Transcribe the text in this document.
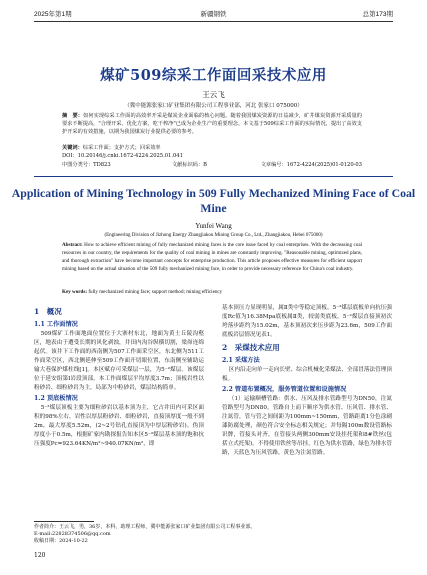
2025年第1期	新疆钢铁	总第173期
煤矿509综采工作面回采技术应用
王云飞
（冀中能源张家口矿业集团有限公司工程事业部，河北 张家口 075000）
摘　要：如何实现综采工作面的高效率开采是煤炭企业面临的核心问题。随着我国煤炭资源的日益减少，矿井煤炭资源开采质量的要求不断提高，"合理开采、优化方案、吃干榨净"已成为企业生产的重要理念。本文基于509综采工作面的实际情况，提出了高效支护开采的有效措施，以期为我国煤炭行业提供必要的参考。
关键词：综采工作面；支护方式；回采效率
DOI：10.20146/j.cnki.1672-4224.2025.01.041
中图分类号：TD823	文献标识码：B	文章编号：1672-4224(2025)01-0120-03
Application of Mining Technology in 509 Fully Mechanized Mining Face of Coal Mine
Yunfei Wang
(Engineering Division of Jizhong Energy Zhangjiakou Mining Group Co., Ltd., Zhangjiakou, Hebei 075000)
Abstract: How to achieve efficient mining of fully mechanized mining faces is the core issue faced by coal enterprises. With the decreasing coal resources in our country, the requirements for the quality of coal mining in mines are constantly improving. "Reasonable mining, optimized plans, and thorough extraction" have become important concepts for enterprise production. This article proposes effective measures for efficient support mining based on the actual situation of the 509 fully mechanized mining face, in order to provide necessary reference for China's coal industry.
Key words: fully mechanized mining face; support method; mining efficiency
1　概况
1.1 工作面情况

509煤矿工作面地面位置位于大寨村东北，地面为黄土丘陵沟壑区，地表由于遭受长期的风化剥蚀，井田内沟谷纵横切割，梁峁连绵起伏。该井下工作面的西南侧为507工作面采空区，东北侧为511工作面采空区，西北侧延伸至509工作面开切眼位置，东南侧至辅助运输大巷保护煤柱线[1]。本区赋存可采煤层一层，为5⁻²煤层。该煤层位于延安组第Ⅰ岩段顶部，本工作面煤层平均厚度3.7m；顶板岩性以粉砂岩、细粒砂岩为主，局部为中粒砂岩，煤层结构简单。

1.2 顶底板情况

5⁻²煤层顶板主要为细粒砂岩以基本顶为主，它占井田内可采区面积的98%左右，岩性以厚层粉砂岩、细粒砂岩，直接顶厚度一般不到2m，最大厚度5.52m，(2~2号钻孔直接顶为中厚层粉砂岩)。伪顶厚度小于0.5m，根据矿家内勘探报告知本区5⁻²煤层基本顶的饱和抗压强度Pc=923.64KN/m²~940.07KN/m²，即

基本顶压力显现明显，属Ⅱ类中等稳定顶板。5⁻²煤层底板单向抗压强度Rc值为16.38Mpa底板属Ⅱ类，较弱类底板。5⁻²煤层直接顶初次垮落步距约为15.02m，基本顶初次来压步距为23.6m，509工作面底板岩层情况见表1。

2　采煤技术应用
2.1 采煤方法

区内沿走向单一走向长壁、综合机械化采煤法、全部冒落法管理顶板。

2.2 管道布置概况，服务管道位置和设施情况

（1）运输顺槽管路：供水、压风及排水管路型号为DN50，注氮管路型号为DN80。管路自上而下顺序为供水管、压风管、排水管、注氮管，管与管之间间距为100mm~150mm，管路距离1分色涂刷漆防腐处理，颜色符合安全标志相关规定；并每隔100m数设管路标识牌，管接头对齐，在管接头两侧300mm安设挂托架和8#铁丝(包括立式托架)，不得使用铁丝等吊挂，红色为供水管路，绿色为排水管路，天蓝色为压风管路，黄色为注氮管路。

作者简介：王云飞，男，36岁，本科，助理工程师，冀中能源张家口矿业集团有限公司工程事业部。
E-mail:22828374506@qq.com
收稿日期：2024-10-22
120
